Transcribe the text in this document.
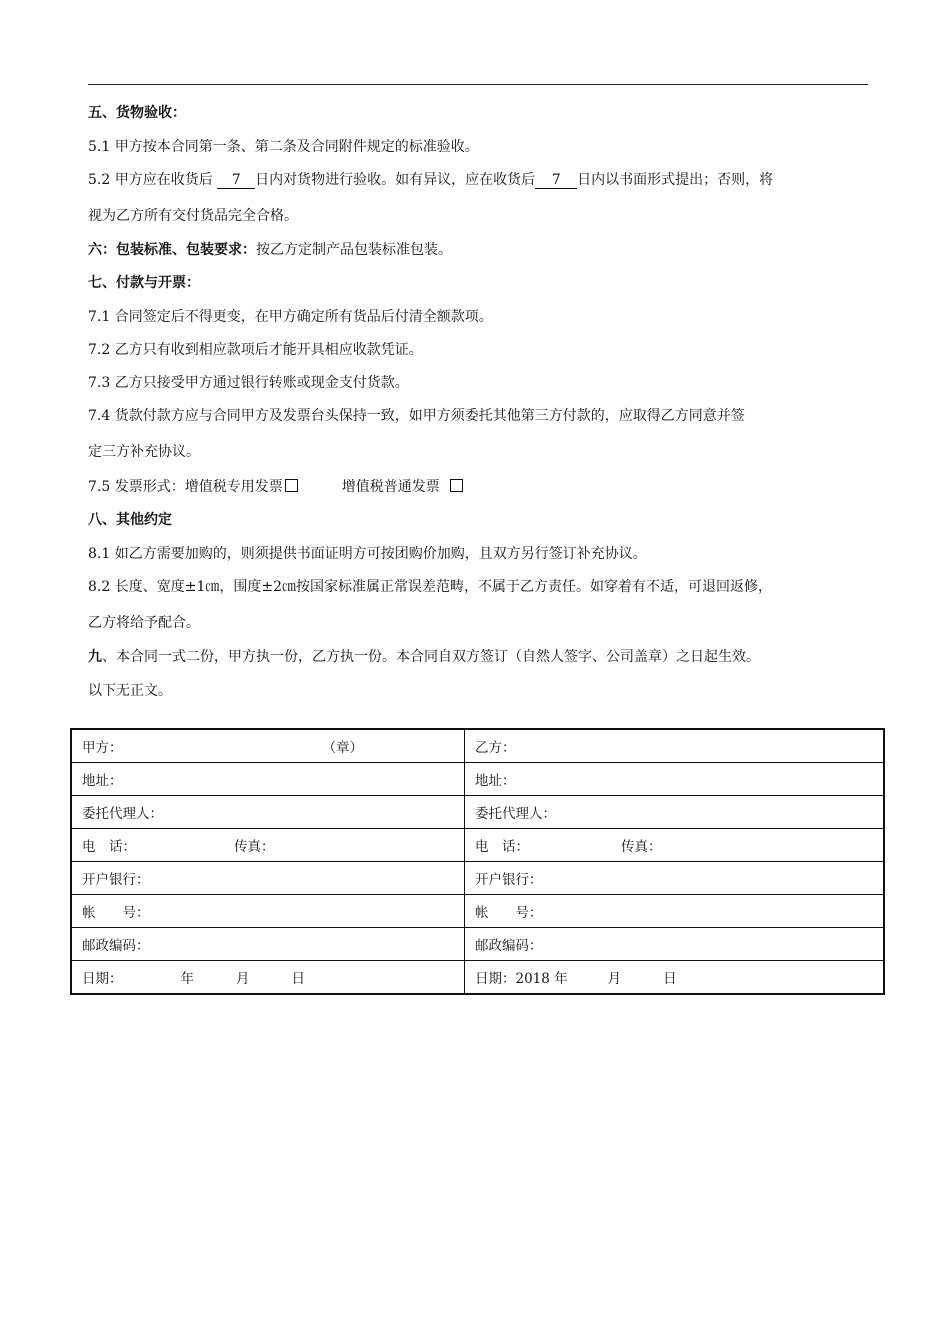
五、货物验收：
5.1 甲方按本合同第一条、第二条及合同附件规定的标准验收。
5.2 甲方应在收货后 7 日内对货物进行验收。如有异议，应在收货后 7 日内以书面形式提出；否则，将
视为乙方所有交付货品完全合格。
六：包装标准、包装要求：按乙方定制产品包装标准包装。
七、付款与开票：
7.1 合同签定后不得更变，在甲方确定所有货品后付清全额款项。
7.2 乙方只有收到相应款项后才能开具相应收款凭证。
7.3 乙方只接受甲方通过银行转账或现金支付货款。
7.4 货款付款方应与合同甲方及发票台头保持一致，如甲方须委托其他第三方付款的，应取得乙方同意并签
定三方补充协议。
7.5 发票形式：增值税专用发票	增值税普通发票
八、其他约定
8.1 如乙方需要加购的，则须提供书面证明方可按团购价加购，且双方另行签订补充协议。
8.2 长度、宽度±1㎝，围度±2㎝按国家标准属正常误差范畴，不属于乙方责任。如穿着有不适，可退回返修，
乙方将给予配合。
九、本合同一式二份，甲方执一份，乙方执一份。本合同自双方签订（自然人签字、公司盖章）之日起生效。
以下无正文。
甲方： （章）	乙方：
地址：	地址：
委托代理人：	委托代理人：
电　话： 传真：	电　话： 传真：
开户银行：	开户银行：
帐　　号：	帐　　号：
邮政编码：	邮政编码：
日期： 年 月 日	日期：2018 年 月 日
